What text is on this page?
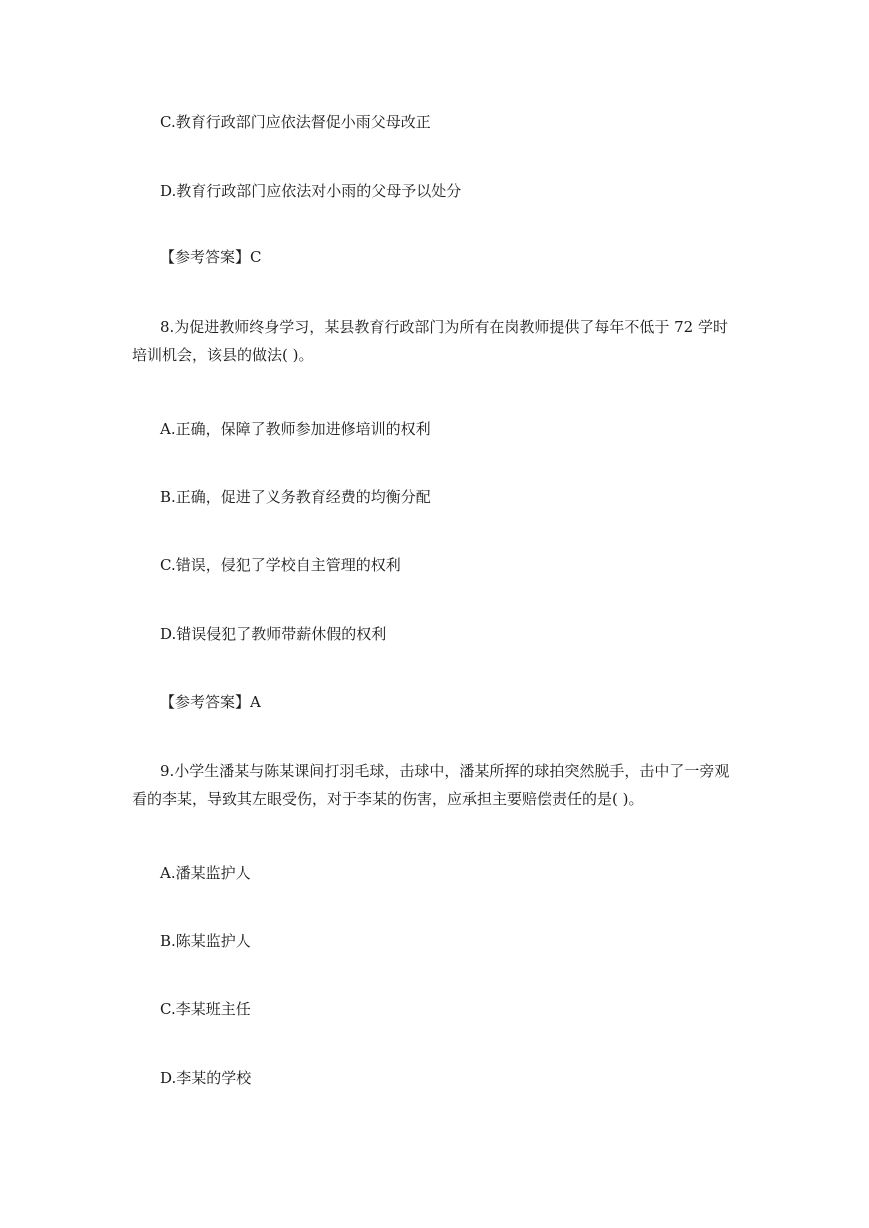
C.教育行政部门应依法督促小雨父母改正
D.教育行政部门应依法对小雨的父母予以处分
【参考答案】C
8.为促进教师终身学习，某县教育行政部门为所有在岗教师提供了每年不低于 72 学时
培训机会，该县的做法( )。
A.正确，保障了教师参加进修培训的权利
B.正确，促进了义务教育经费的均衡分配
C.错误，侵犯了学校自主管理的权利
D.错误侵犯了教师带薪休假的权利
【参考答案】A
9.小学生潘某与陈某课间打羽毛球，击球中，潘某所挥的球拍突然脱手，击中了一旁观
看的李某，导致其左眼受伤，对于李某的伤害，应承担主要赔偿责任的是( )。
A.潘某监护人
B.陈某监护人
C.李某班主任
D.李某的学校
